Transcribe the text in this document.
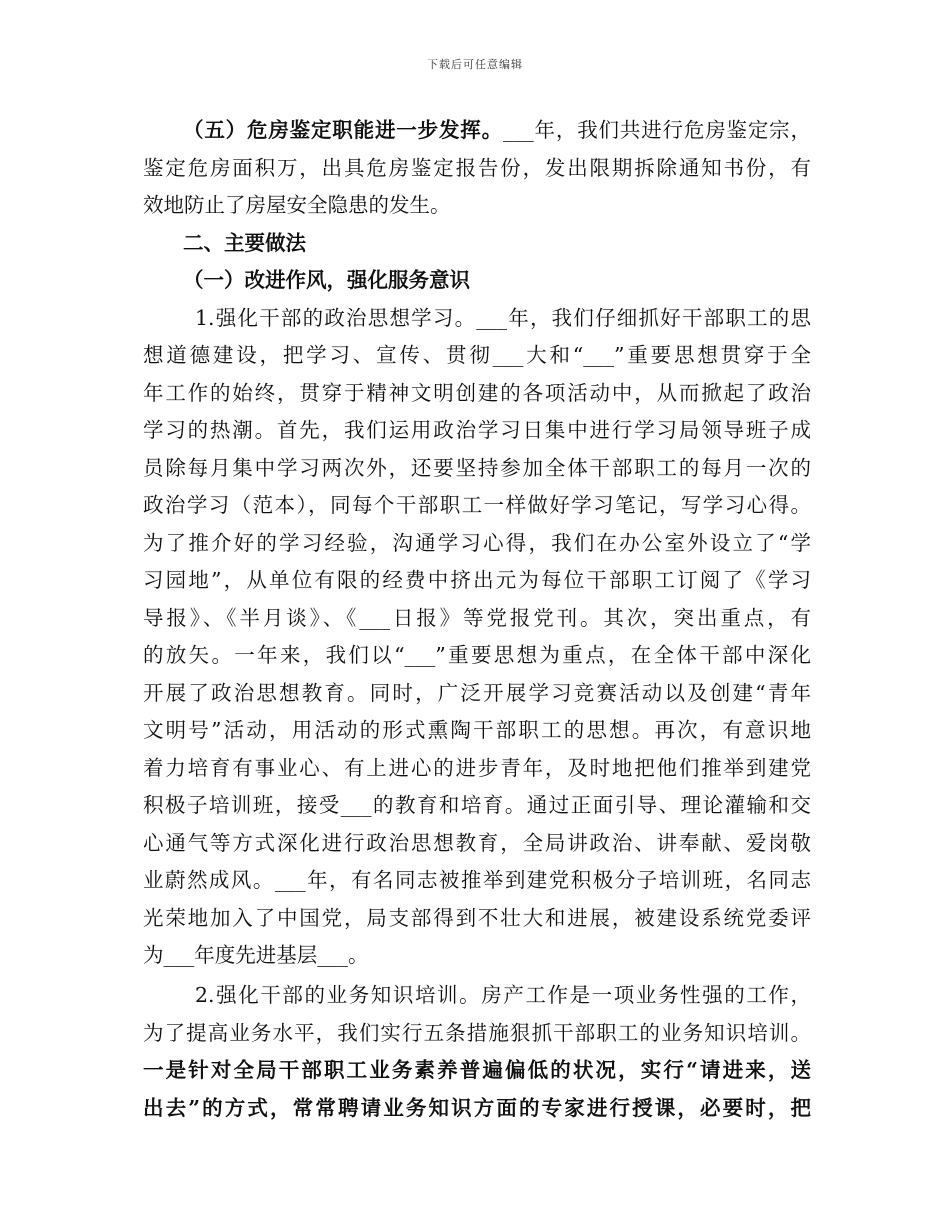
下载后可任意编辑
（五）危房鉴定职能进一步发挥。___年，我们共进行危房鉴定宗，
鉴定危房面积万，出具危房鉴定报告份，发出限期拆除通知书份，有
效地防止了房屋安全隐患的发生。
二、主要做法
（一）改进作风，强化服务意识
1.强化干部的政治思想学习。___年，我们仔细抓好干部职工的思
想道德建设，把学习、宣传、贯彻___大和“___”重要思想贯穿于全
年工作的始终，贯穿于精神文明创建的各项活动中，从而掀起了政治
学习的热潮。首先，我们运用政治学习日集中进行学习局领导班子成
员除每月集中学习两次外，还要坚持参加全体干部职工的每月一次的
政治学习（范本），同每个干部职工一样做好学习笔记，写学习心得。
为了推介好的学习经验，沟通学习心得，我们在办公室外设立了“学
习园地”，从单位有限的经费中挤出元为每位干部职工订阅了《学习
导报》、《半月谈》、《___日报》等党报党刊。其次，突出重点，有
的放矢。一年来，我们以“___”重要思想为重点，在全体干部中深化
开展了政治思想教育。同时，广泛开展学习竞赛活动以及创建“青年
文明号”活动，用活动的形式熏陶干部职工的思想。再次，有意识地
着力培育有事业心、有上进心的进步青年，及时地把他们推举到建党
积极子培训班，接受___的教育和培育。通过正面引导、理论灌输和交
心通气等方式深化进行政治思想教育，全局讲政治、讲奉献、爱岗敬
业蔚然成风。___年，有名同志被推举到建党积极分子培训班，名同志
光荣地加入了中国党，局支部得到不壮大和进展，被建设系统党委评
为___年度先进基层___。
2.强化干部的业务知识培训。房产工作是一项业务性强的工作，
为了提高业务水平，我们实行五条措施狠抓干部职工的业务知识培训。
一是针对全局干部职工业务素养普遍偏低的状况，实行“请进来，送
出去”的方式，常常聘请业务知识方面的专家进行授课，必要时，把
